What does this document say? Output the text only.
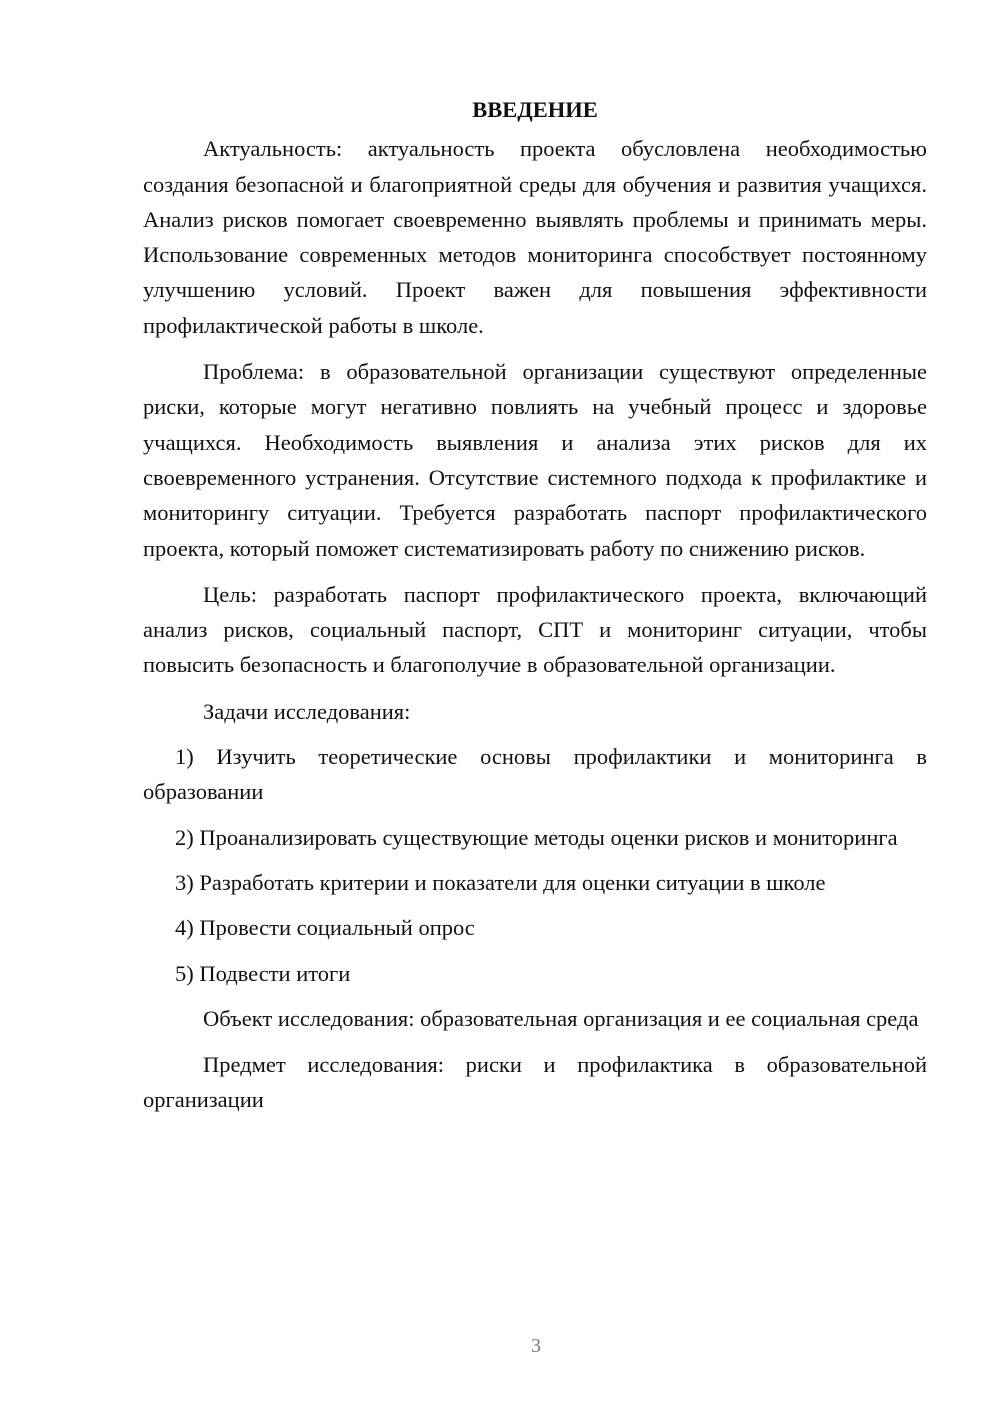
ВВЕДЕНИЕ

Актуальность: актуальность проекта обусловлена необходимостью создания безопасной и благоприятной среды для обучения и развития учащихся. Анализ рисков помогает своевременно выявлять проблемы и принимать меры. Использование современных методов мониторинга способствует постоянному улучшению условий. Проект важен для повышения эффективности профилактической работы в школе.

Проблема: в образовательной организации существуют определенные риски, которые могут негативно повлиять на учебный процесс и здоровье учащихся. Необходимость выявления и анализа этих рисков для их своевременного устранения. Отсутствие системного подхода к профилактике и мониторингу ситуации. Требуется разработать паспорт профилактического проекта, который поможет систематизировать работу по снижению рисков.

Цель: разработать паспорт профилактического проекта, включающий анализ рисков, социальный паспорт, СПТ и мониторинг ситуации, чтобы повысить безопасность и благополучие в образовательной организации.

Задачи исследования:

1) Изучить теоретические основы профилактики и мониторинга в образовании

2) Проанализировать существующие методы оценки рисков и мониторинга

3) Разработать критерии и показатели для оценки ситуации в школе

4) Провести социальный опрос

5) Подвести итоги

Объект исследования: образовательная организация и ее социальная среда

Предмет исследования: риски и профилактика в образовательной организации

3
